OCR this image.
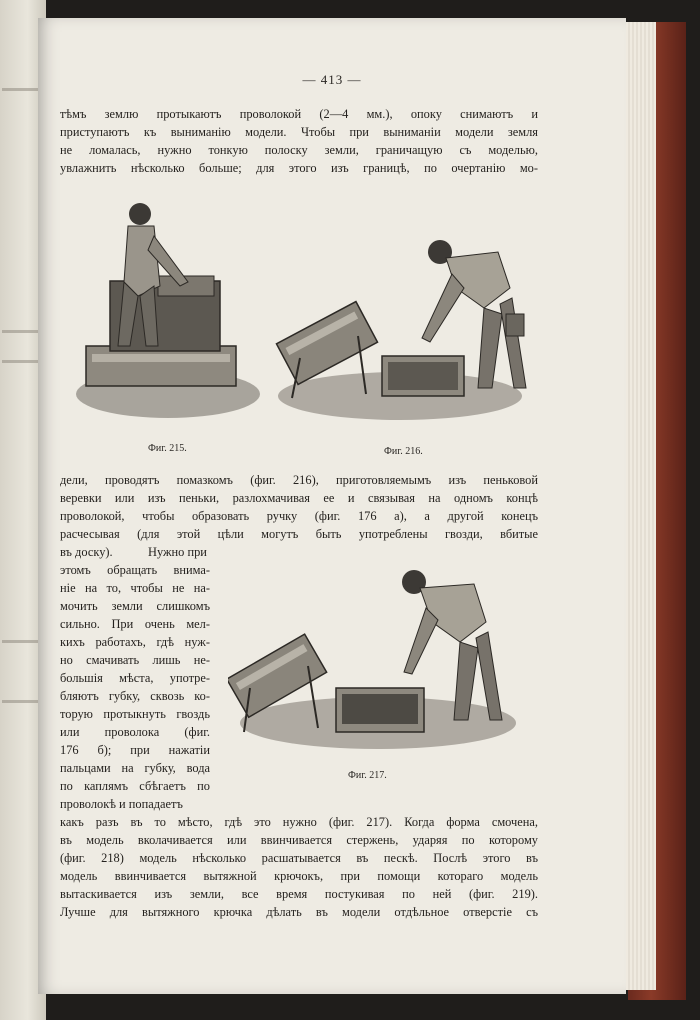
— 413 —
тѣмъ землю протыкаютъ проволокой (2—4 мм.), опоку снимаютъ и
приступаютъ къ выниманію модели. Чтобы при выниманіи модели земля
не ломалась, нужно тонкую полоску земли, граничащую съ моделью,
увлажнить нѣсколько больше; для этого изъ границѣ, по очертанію мо-
Фиг. 215.	Фиг. 216.
дели, проводятъ помазкомъ (фиг. 216), приготовляемымъ изъ пеньковой
веревки или изъ пеньки, разлохмачивая ее и связывая на одномъ концѣ
проволокой, чтобы образовать ручку (фиг. 176 а), а другой конецъ
расчесывая (для этой цѣли могутъ быть употреблены гвозди, вбитые
въ доску).	Нужно при
этомъ обращать внима-
ніе на то, чтобы не на-
мочить земли слишкомъ
сильно. При очень мел-
кихъ работахъ, гдѣ нуж-
но смачивать лишь не-
большія мѣста, употре-
бляютъ губку, сквозь ко-
торую протыкнуть гвоздь
или проволока (фиг.
176 б); при нажатіи
пальцами на губку, вода
по каплямъ сбѣгаетъ по
проволокѣ и попадаетъ
Фиг. 217.
какъ разъ въ то мѣсто, гдѣ это нужно (фиг. 217). Когда форма смочена,
въ модель вколачивается или ввинчивается стержень, ударяя по которому
(фиг. 218) модель нѣсколько расшатывается въ пескѣ. Послѣ этого въ
модель ввинчивается вытяжной крючокъ, при помощи котораго модель
вытаскивается изъ земли, все время постукивая по ней (фиг. 219).
Лучше для вытяжного крючка дѣлать въ модели отдѣльное отверстіе съ
